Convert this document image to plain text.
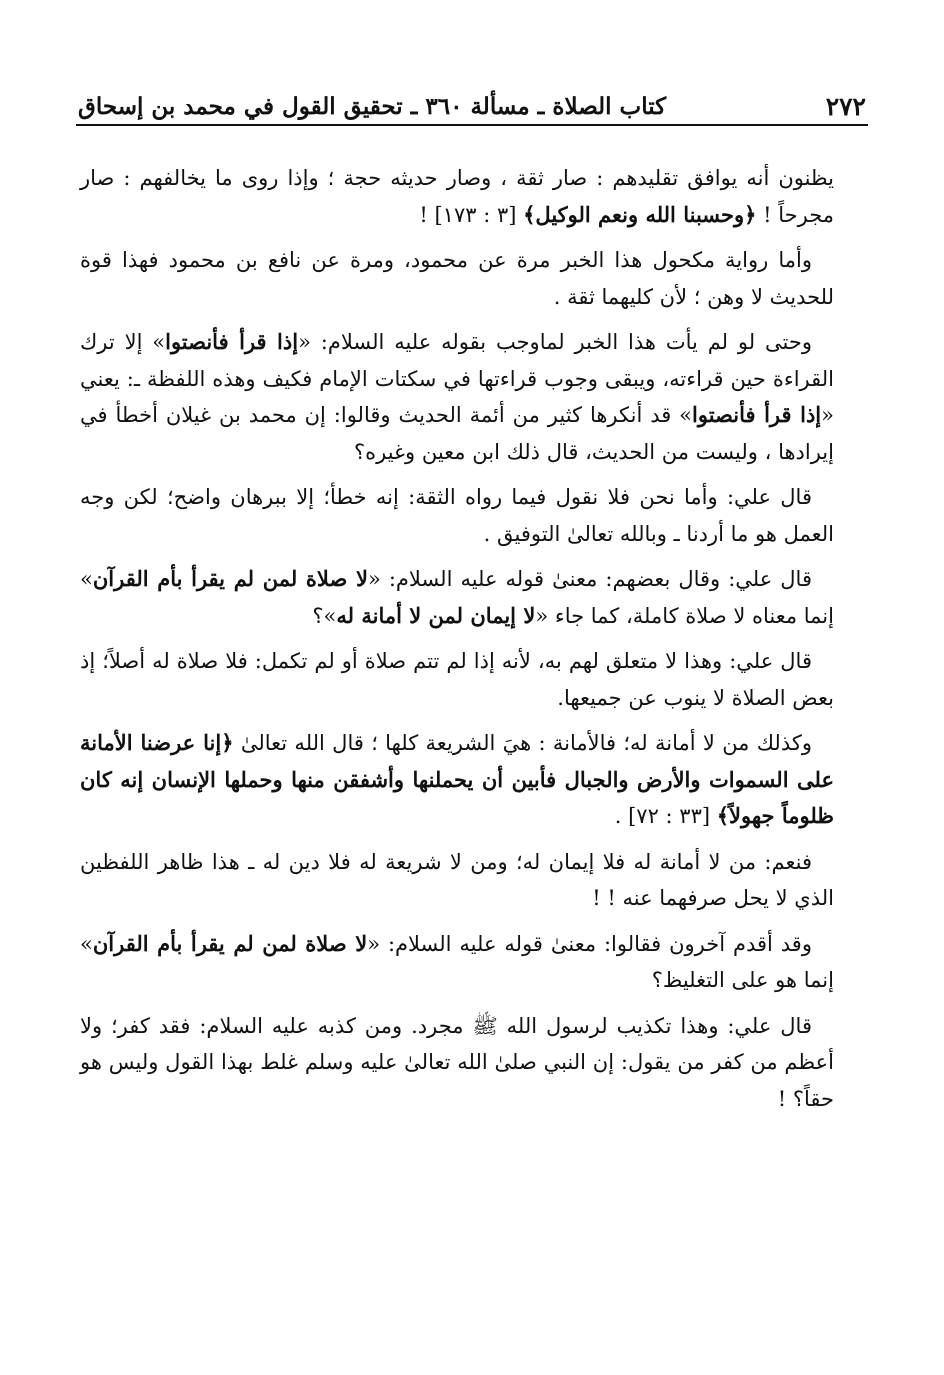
٢٧٢
كتاب الصلاة ـ مسألة ٣٦٠ ـ تحقيق القول في محمد بن إسحاق

يظنون أنه يوافق تقليدهم : صار ثقة ، وصار حديثه حجة ؛ وإذا روى ما يخالفهم : صار مجرحاً ! ﴿وحسبنا الله ونعم الوكيل﴾ [٣ : ١٧٣] !

وأما رواية مكحول هذا الخبر مرة عن محمود، ومرة عن نافع بن محمود فهذا قوة للحديث لا وهن ؛ لأن كليهما ثقة .

وحتى لو لم يأت هذا الخبر لماوجب بقوله عليه السلام: «إذا قرأ فأنصتوا» إلا ترك القراءة حين قراءته، ويبقى وجوب قراءتها في سكتات الإمام فكيف وهذه اللفظة ـ: يعني «إذا قرأ فأنصتوا» قد أنكرها كثير من أئمة الحديث وقالوا: إن محمد بن غيلان أخطأ في إيرادها ، وليست من الحديث، قال ذلك ابن معين وغيره؟

قال علي: وأما نحن فلا نقول فيما رواه الثقة: إنه خطأ؛ إلا ببرهان واضح؛ لكن وجه العمل هو ما أردنا ـ وبالله تعالىٰ التوفيق .

قال علي: وقال بعضهم: معنىٰ قوله عليه السلام: «لا صلاة لمن لم يقرأ بأم القرآن» إنما معناه لا صلاة كاملة، كما جاء «لا إيمان لمن لا أمانة له»؟

قال علي: وهذا لا متعلق لهم به، لأنه إذا لم تتم صلاة أو لم تكمل: فلا صلاة له أصلاً؛ إذ بعض الصلاة لا ينوب عن جميعها.

وكذلك من لا أمانة له؛ فالأمانة : هيَ الشريعة كلها ؛ قال الله تعالىٰ ﴿إنا عرضنا الأمانة على السموات والأرض والجبال فأبين أن يحملنها وأشفقن منها وحملها الإنسان إنه كان ظلوماً جهولاً﴾ [٣٣ : ٧٢] .

فنعم: من لا أمانة له فلا إيمان له؛ ومن لا شريعة له فلا دين له ـ هذا ظاهر اللفظين الذي لا يحل صرفهما عنه ! !

وقد أقدم آخرون فقالوا: معنىٰ قوله عليه السلام: «لا صلاة لمن لم يقرأ بأم القرآن» إنما هو على التغليظ؟

قال علي: وهذا تكذيب لرسول الله ﷺ مجرد. ومن كذبه عليه السلام: فقد كفر؛ ولا أعظم من كفر من يقول: إن النبي صلىٰ الله تعالىٰ عليه وسلم غلط بهذا القول وليس هو حقاً؟ !
